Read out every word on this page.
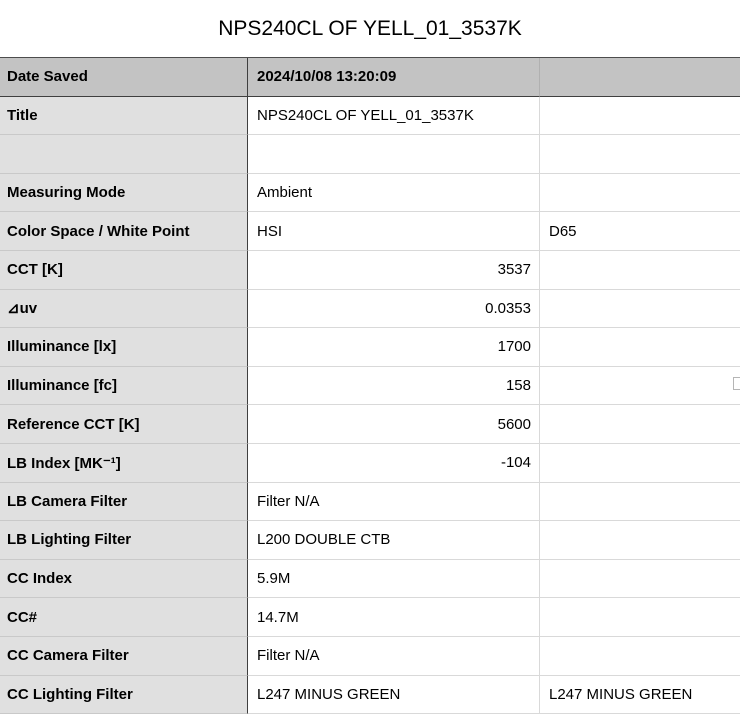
NPS240CL OF YELL_01_3537K
Date Saved	2024/10/08 13:20:09
Title	NPS240CL OF YELL_01_3537K
Measuring Mode	Ambient
Color Space / White Point	HSI	D65
CCT [K]	3537
⊿uv	0.0353
Illuminance [lx]	1700
Illuminance [fc]	158
Reference CCT [K]	5600
LB Index [MK⁻¹]	-104
LB Camera Filter	Filter N/A
LB Lighting Filter	L200 DOUBLE CTB
CC Index	5.9M
CC#	14.7M
CC Camera Filter	Filter N/A
CC Lighting Filter	L247 MINUS GREEN	L247 MINUS GREEN
